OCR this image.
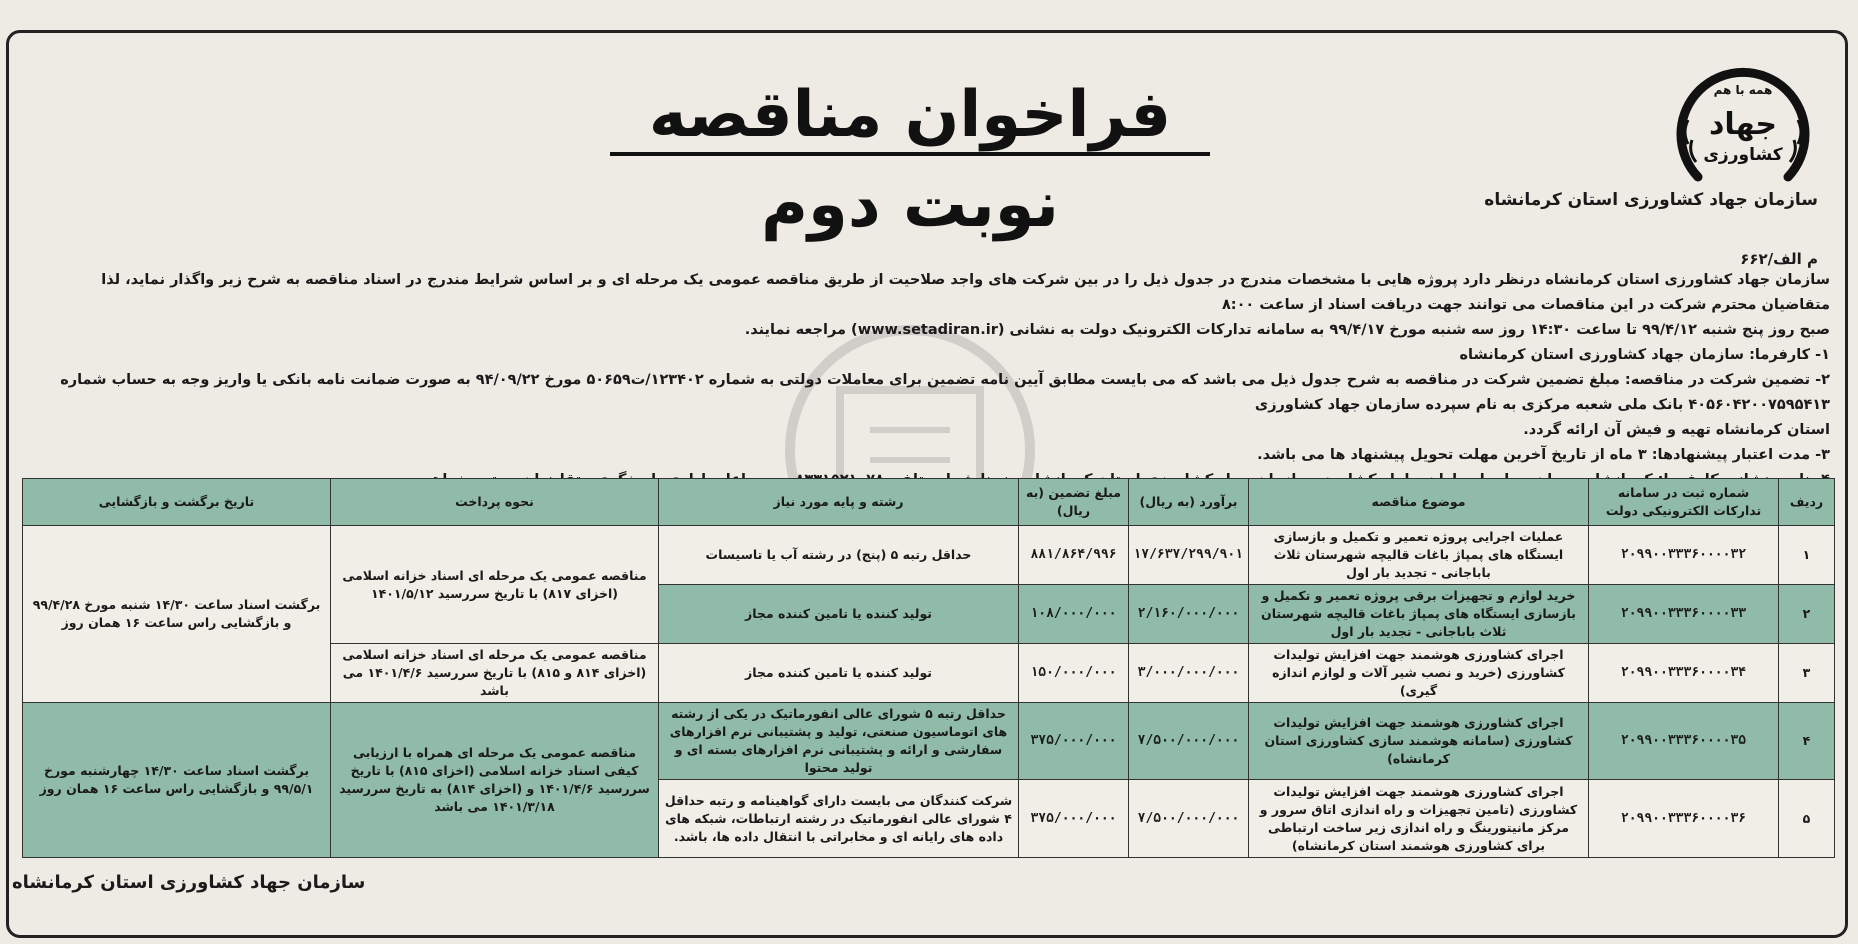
همه با هم
جهاد
کشاورزی
فراخوان مناقصه نوبت دوم	سازمان جهاد کشاورزی استان کرمانشاه
م الف/۶۶۲

سازمان جهاد کشاورزی استان کرمانشاه درنظر دارد پروژه هایی با مشخصات مندرج در جدول ذیل را در بین شرکت های واجد صلاحیت از طریق مناقصه عمومی یک مرحله ای و بر اساس شرایط مندرج در اسناد مناقصه به شرح زیر واگذار نماید، لذا متقاضیان محترم شرکت در این مناقصات می توانند جهت دریافت اسناد از ساعت ۸:۰۰

صبح روز پنج شنبه ۹۹/۴/۱۲ تا ساعت ۱۴:۳۰ روز سه شنبه مورخ ۹۹/۴/۱۷ به سامانه تدارکات الکترونیک دولت به نشانی (www.setadiran.ir) مراجعه نمایند.

۱- کارفرما: سازمان جهاد کشاورزی استان کرمانشاه

۲- تضمین شرکت در مناقصه: مبلغ تضمین شرکت در مناقصه به شرح جدول ذیل می باشد که می بایست مطابق آیین نامه تضمین برای معاملات دولتی به شماره ۱۲۳۴۰۲/ت۵۰۶۵۹ مورخ ۹۴/۰۹/۲۲ به صورت ضمانت نامه بانکی یا واریز وجه به حساب شماره ۴۰۵۶۰۴۲۰۰۷۵۹۵۴۱۳ بانک ملی شعبه مرکزی به نام سپرده سازمان جهاد کشاورزی

استان کرمانشاه تهیه و فیش آن ارائه گردد.

۳- مدت اعتبار پیشنهادها: ۳ ماه از تاریخ آخرین مهلت تحویل پیشنهاد ها می باشد.

ردیف	شماره ثبت در سامانه تدارکات الکترونیکی دولت	موضوع مناقصه	برآورد (به ریال)	مبلغ تضمین (به ریال)	رشته و پایه مورد نیاز	نحوه پرداخت	تاریخ برگشت و بازگشایی
۱	۲۰۹۹۰۰۳۳۳۶۰۰۰۰۳۲	عملیات اجرایی پروژه تعمیر و تکمیل و بازسازی ایستگاه های پمپاژ باغات قالیچه شهرستان ثلاث باباجانی - تجدید بار اول	۱۷/۶۳۷/۲۹۹/۹۰۱	۸۸۱/۸۶۴/۹۹۶	حداقل رتبه ۵ (پنج) در رشته آب یا تاسیسات	مناقصه عمومی یک مرحله ای اسناد خزانه اسلامی (اخزای ۸۱۷) با تاریخ سررسید ۱۴۰۱/۵/۱۲	برگشت اسناد ساعت ۱۴/۳۰ شنبه مورخ ۹۹/۴/۲۸ و بازگشایی راس ساعت ۱۶ همان روز
۲	۲۰۹۹۰۰۳۳۳۶۰۰۰۰۳۳	خرید لوازم و تجهیزات برقی پروژه تعمیر و تکمیل و بازسازی ایستگاه های پمپاژ باغات قالیچه شهرستان ثلاث باباجانی - تجدید بار اول	۲/۱۶۰/۰۰۰/۰۰۰	۱۰۸/۰۰۰/۰۰۰	تولید کننده یا تامین کننده مجاز		
۳	۲۰۹۹۰۰۳۳۳۶۰۰۰۰۳۴	اجرای کشاورزی هوشمند جهت افزایش تولیدات کشاورزی (خرید و نصب شیر آلات و لوازم اندازه گیری)	۳/۰۰۰/۰۰۰/۰۰۰	۱۵۰/۰۰۰/۰۰۰	تولید کننده یا تامین کننده مجاز	مناقصه عمومی یک مرحله ای اسناد خزانه اسلامی (اخزای ۸۱۴ و ۸۱۵) با تاریخ سررسید ۱۴۰۱/۴/۶ می باشد	
۴	۲۰۹۹۰۰۳۳۳۶۰۰۰۰۳۵	اجرای کشاورزی هوشمند جهت افزایش تولیدات کشاورزی (سامانه هوشمند سازی کشاورزی استان کرمانشاه)	۷/۵۰۰/۰۰۰/۰۰۰	۳۷۵/۰۰۰/۰۰۰	حداقل رتبه ۵ شورای عالی انفورماتیک در یکی از رشته های اتوماسیون صنعتی، تولید و پشتیبانی نرم افزارهای سفارشی و ارائه و پشتیبانی نرم افزارهای بسته ای و تولید محتوا	مناقصه عمومی یک مرحله ای همراه با ارزیابی کیفی اسناد خزانه اسلامی (اخزای ۸۱۵) با تاریخ سررسید ۱۴۰۱/۴/۶ و (اخزای ۸۱۴) به تاریخ سررسید ۱۴۰۱/۳/۱۸ می باشد	برگشت اسناد ساعت ۱۴/۳۰ چهارشنبه مورخ ۹۹/۵/۱ و بازگشایی راس ساعت ۱۶ همان روز
۵	۲۰۹۹۰۰۳۳۳۶۰۰۰۰۳۶	اجرای کشاورزی هوشمند جهت افزایش تولیدات کشاورزی (تامین تجهیزات و راه اندازی اتاق سرور و مرکز مانیتورینگ و راه اندازی زیر ساخت ارتباطی برای کشاورزی هوشمند استان کرمانشاه)	۷/۵۰۰/۰۰۰/۰۰۰	۳۷۵/۰۰۰/۰۰۰	شرکت کنندگان می بایست دارای گواهینامه و رتبه حداقل ۴ شورای عالی انفورماتیک در رشته ارتباطات، شبکه های داده های رایانه ای و مخابراتی با انتقال داده ها، باشد.		
سازمان جهاد کشاورزی استان کرمانشاه
